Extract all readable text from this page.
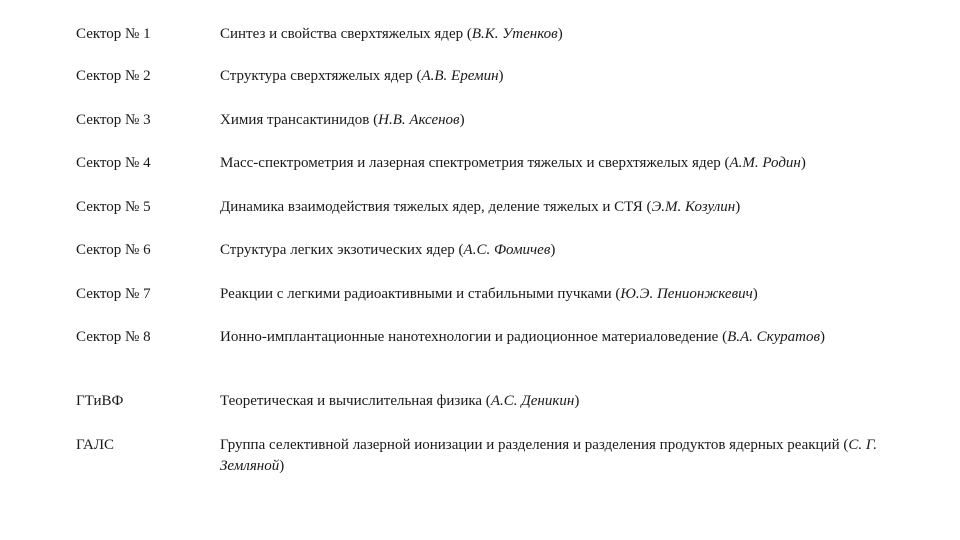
Сектор № 1	Синтез и свойства сверхтяжелых ядер (В.К. Утенков)
Сектор № 2	Структура сверхтяжелых ядер (А.В. Еремин)
Сектор № 3	Химия трансактинидов (Н.В. Аксенов)
Сектор № 4	Масс-спектрометрия и лазерная спектрометрия тяжелых и сверхтяжелых ядер (А.М. Родин)
Сектор № 5	Динамика взаимодействия тяжелых ядер, деление тяжелых и СТЯ (Э.М. Козулин)
Сектор № 6	Структура легких экзотических ядер (А.С. Фомичев)
Сектор № 7	Реакции с легкими радиоактивными и стабильными пучками (Ю.Э. Пениoнжкевич)
Сектор № 8	Ионно-имплантационные нанотехнологии и радиоционное материаловедение (В.А. Скуратов)
ГТиВФ	Теоретическая и вычислительная физика (А.С. Деникин)
ГАЛС	Группа селективной лазерной ионизации и разделения и разделения продуктов ядерных реакций (С. Г. Земляной)
